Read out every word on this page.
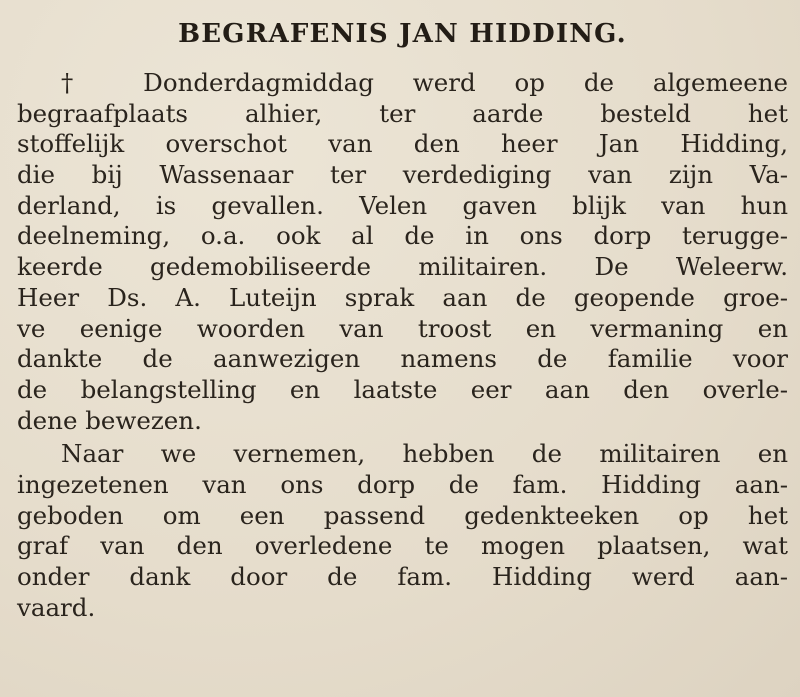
BEGRAFENIS JAN HIDDING.
† Donderdagmiddag werd op de algemeene
begraafplaats alhier, ter aarde besteld het
stoffelijk overschot van den heer Jan Hidding,
die bij Wassenaar ter verdediging van zijn Va-
derland, is gevallen. Velen gaven blijk van hun
deelneming, o.a. ook al de in ons dorp terugge-
keerde gedemobiliseerde militairen. De Weleerw.
Heer Ds. A. Luteijn sprak aan de geopende groe-
ve eenige woorden van troost en vermaning en
dankte de aanwezigen namens de familie voor
de belangstelling en laatste eer aan den overle-
dene bewezen.
Naar we vernemen, hebben de militairen en
ingezetenen van ons dorp de fam. Hidding aan-
geboden om een passend gedenkteeken op het
graf van den overledene te mogen plaatsen, wat
onder dank door de fam. Hidding werd aan-
vaard.
